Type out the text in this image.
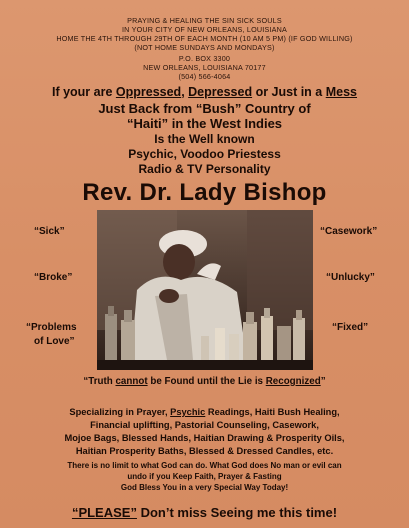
PRAYING & HEALING THE SIN SICK SOULS
IN YOUR CITY OF NEW ORLEANS, LOUISIANA
HOME THE 4TH THROUGH 29TH OF EACH MONTH (10 AM 5 PM) (IF GOD WILLING)
(NOT HOME SUNDAYS AND MONDAYS)
P.O. BOX 3300
NEW ORLEANS, LOUISIANA 70177
(504) 566-4064
If your are Oppressed, Depressed or Just in a Mess
Just Back from “Bush” Country of
“Haiti” in the West Indies
Is the Well known
Psychic, Voodoo Priestess
Radio & TV Personality
Rev. Dr. Lady Bishop
“Sick”	“Casework”
“Broke”	“Unlucky”
“Problems
of Love”
“Fixed”
“Truth cannot be Found until the Lie is Recognized”
Specializing in Prayer, Psychic Readings, Haiti Bush Healing,
Financial uplifting, Pastorial Counseling, Casework,
Mojoe Bags, Blessed Hands, Haitian Drawing & Prosperity Oils,
Haitian Prosperity Baths, Blessed & Dressed Candles, etc.
There is no limit to what God can do. What God does No man or evil can
undo if you Keep Faith, Prayer & Fasting
God Bless You in a very Special Way Today!
“PLEASE” Don’t miss Seeing me this time!
